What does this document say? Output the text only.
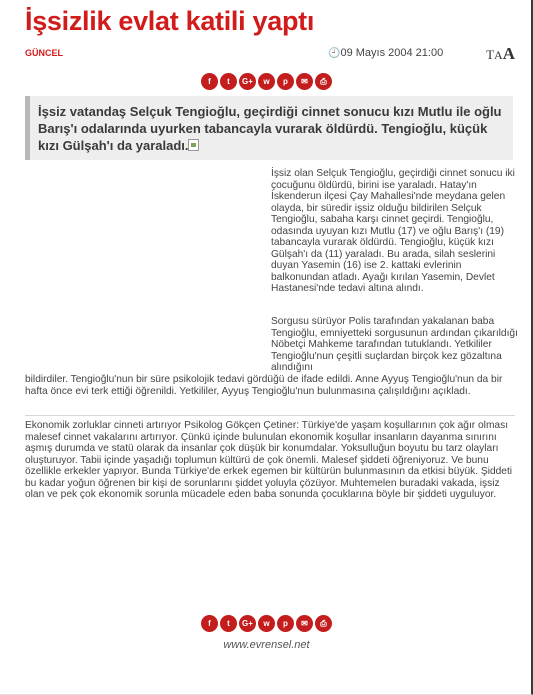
İşsizlik evlat katili yaptı
GÜNCEL	🕘09 Mayıs 2004 21:00	TAA
f	t	G+	w	p	✉	⎙
İşsiz vatandaş Selçuk Tengioğlu, geçirdiği cinnet sonucu kızı Mutlu ile oğlu Barış'ı odalarında uyurken tabancayla vurarak öldürdü. Tengioğlu, küçük kızı Gülşah'ı da yaraladı.
İşsiz olan Selçuk Tengioğlu, geçirdiği cinnet sonucu iki çocuğunu öldürdü, birini ise yaraladı. Hatay'ın İskenderun ilçesi Çay Mahallesi'nde meydana gelen olayda, bir süredir işsiz olduğu bildirilen Selçuk Tengioğlu, sabaha karşı cinnet geçirdi. Tengioğlu, odasında uyuyan kızı Mutlu (17) ve oğlu Barış'ı (19) tabancayla vurarak öldürdü. Tengioğlu, küçük kızı Gülşah'ı da (11) yaraladı. Bu arada, silah seslerini duyan Yasemin (16) ise 2. kattaki evlerinin balkonundan atladı. Ayağı kırılan Yasemin, Devlet Hastanesi'nde tedavi altına alındı.
Sorgusu sürüyor Polis tarafından yakalanan baba Tengioğlu, emniyetteki sorgusunun ardından çıkarıldığı Nöbetçi Mahkeme tarafından tutuklandı. Yetkililer Tengioğlu'nun çeşitli suçlardan birçok kez gözaltına alındığını
bildirdiler. Tengioğlu'nun bir süre psikolojik tedavi gördüğü de ifade edildi. Anne Ayyuş Tengioğlu'nun da bir hafta önce evi terk ettiği öğrenildi. Yetkililer, Ayyuş Tengioğlu'nun bulunmasına çalışıldığını açıkladı.
Ekonomik zorluklar cinneti artırıyor Psikolog Gökçen Çetiner: Türkiye'de yaşam koşullarının çok ağır olması malesef cinnet vakalarını artırıyor. Çünkü içinde bulunulan ekonomik koşullar insanların dayanma sınırını aşmış durumda ve statü olarak da insanlar çok düşük bir konumdalar. Yoksulluğun boyutu bu tarz olayları oluşturuyor. Tabii içinde yaşadığı toplumun kültürü de çok önemli. Malesef şiddeti öğreniyoruz. Ve bunu özellikle erkekler yapıyor. Bunda Türkiye'de erkek egemen bir kültürün bulunmasının da etkisi büyük. Şiddeti bu kadar yoğun öğrenen bir kişi de sorunlarını şiddet yoluyla çözüyor. Muhtemelen buradaki vakada, işsiz olan ve pek çok ekonomik sorunla mücadele eden baba sonunda çocuklarına böyle bir şiddeti uyguluyor.
f	t	G+	w	p	✉	⎙
www.evrensel.net
